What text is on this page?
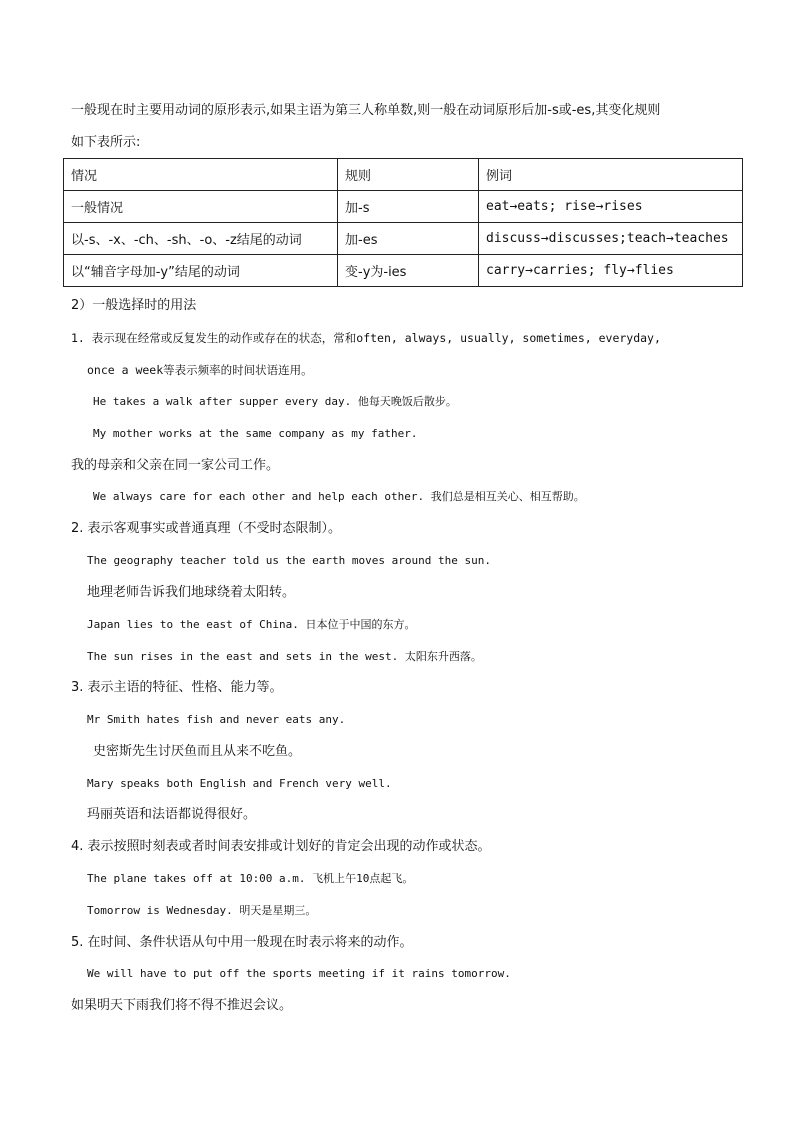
一般现在时主要用动词的原形表示,如果主语为第三人称单数,则一般在动词原形后加-s或-es,其变化规则
如下表所示:
情况	规则	例词
一般情况	加-s	eat→eats; rise→rises
以-s、-x、-ch、-sh、-o、-z结尾的动词	加-es	discuss→discusses;teach→teaches
以“辅音字母加-y”结尾的动词	变-y为-ies	carry→carries; fly→flies
2）一般选择时的用法
1. 表示现在经常或反复发生的动作或存在的状态，常和often, always, usually, sometimes, everyday,
once a week等表示频率的时间状语连用。
He takes a walk after supper every day. 他每天晚饭后散步。
My mother works at the same company as my father.
我的母亲和父亲在同一家公司工作。
We always care for each other and help each other. 我们总是相互关心、相互帮助。
2. 表示客观事实或普通真理（不受时态限制）。
The geography teacher told us the earth moves around the sun.
地理老师告诉我们地球绕着太阳转。
Japan lies to the east of China. 日本位于中国的东方。
The sun rises in the east and sets in the west. 太阳东升西落。
3. 表示主语的特征、性格、能力等。
Mr Smith hates fish and never eats any.
史密斯先生讨厌鱼而且从来不吃鱼。
Mary speaks both English and French very well.
玛丽英语和法语都说得很好。
4. 表示按照时刻表或者时间表安排或计划好的肯定会出现的动作或状态。
The plane takes off at 10:00 a.m. 飞机上午10点起飞。
Tomorrow is Wednesday. 明天是星期三。
5. 在时间、条件状语从句中用一般现在时表示将来的动作。
We will have to put off the sports meeting if it rains tomorrow.
如果明天下雨我们将不得不推迟会议。
